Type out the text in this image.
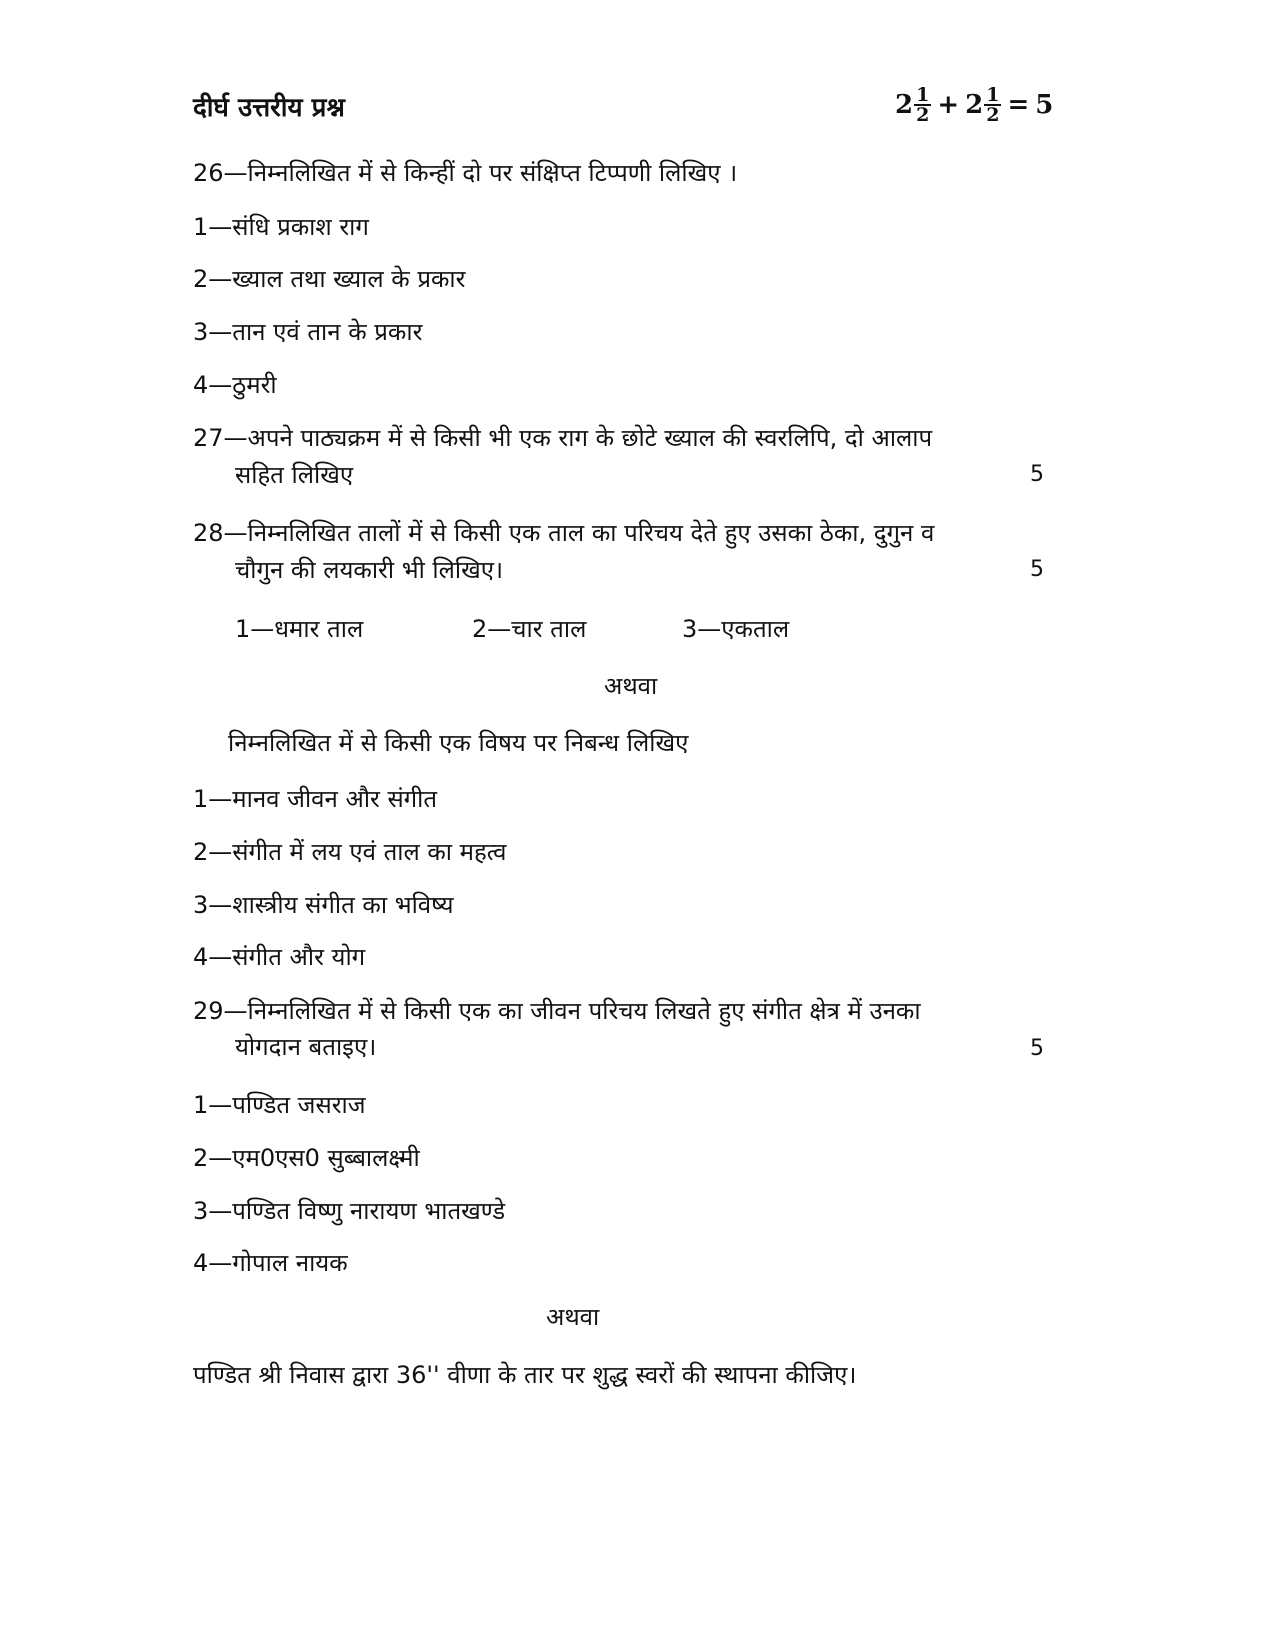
दीर्घ उत्तरीय प्रश्न	$2 \frac{1}{2} + 2 \frac{1}{2} = 5$
26—निम्नलिखित में से किन्हीं दो पर संक्षिप्त टिप्पणी लिखिए ।
1—संधि प्रकाश राग
2—ख्याल तथा ख्याल के प्रकार
3—तान एवं तान के प्रकार
4—ठुमरी
27—अपने पाठ्यक्रम में से किसी भी एक राग के छोटे ख्याल की स्वरलिपि, दो आलाप
सहित लिखिए	5
28—निम्नलिखित तालों में से किसी एक ताल का परिचय देते हुए उसका ठेका, दुगुन व
चौगुन की लयकारी भी लिखिए।	5
1—धमार ताल	2—चार ताल	3—एकताल
अथवा
निम्नलिखित में से किसी एक विषय पर निबन्ध लिखिए
1—मानव जीवन और संगीत
2—संगीत में लय एवं ताल का महत्व
3—शास्त्रीय संगीत का भविष्य
4—संगीत और योग
29—निम्नलिखित में से किसी एक का जीवन परिचय लिखते हुए संगीत क्षेत्र में उनका
योगदान बताइए।	5
1—पण्डित जसराज
2—एम0एस0 सुब्बालक्ष्मी
3—पण्डित विष्णु नारायण भातखण्डे
4—गोपाल नायक
अथवा
पण्डित श्री निवास द्वारा 36'' वीणा के तार पर शुद्ध स्वरों की स्थापना कीजिए।
